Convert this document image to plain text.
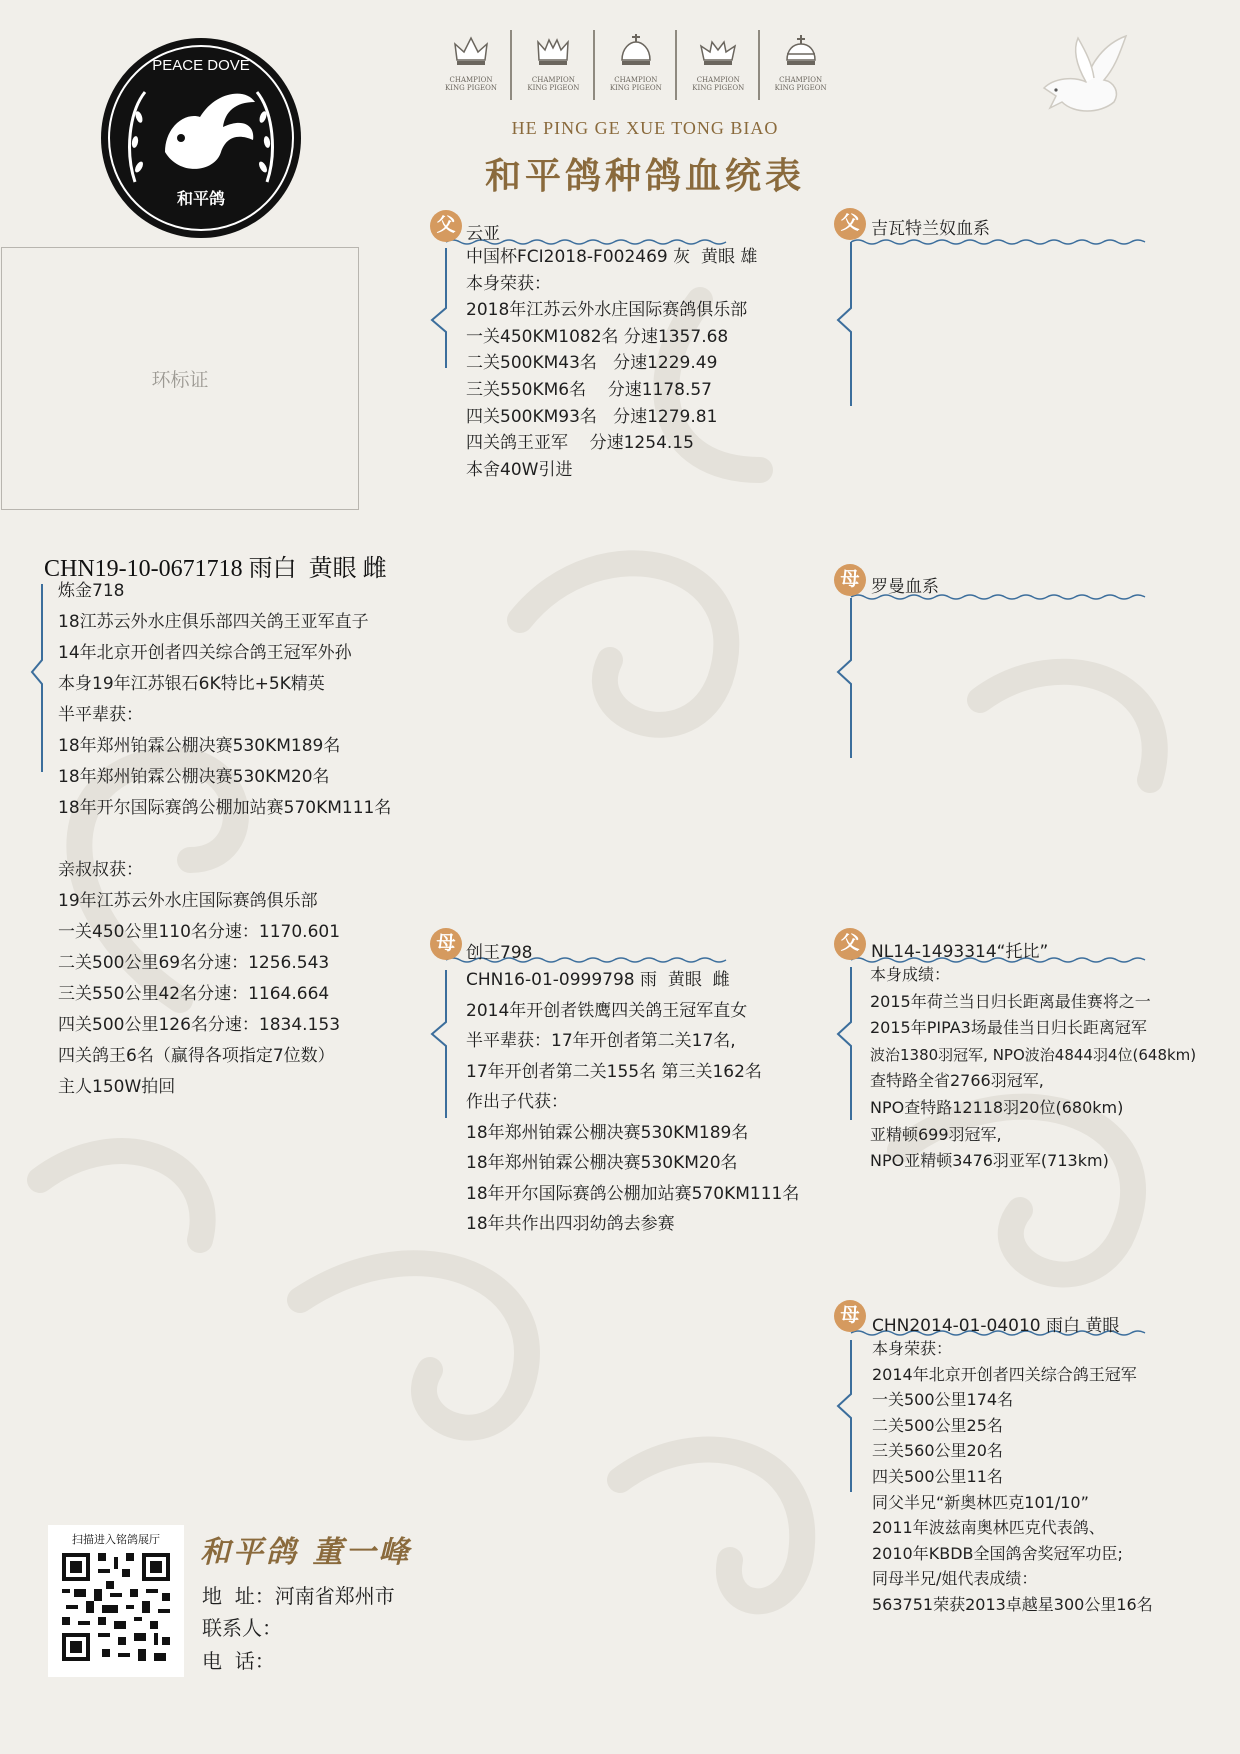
PEACE DOVE
和平鸽
CHAMPION
KING PIGEON
CHAMPION
KING PIGEON
CHAMPION
KING PIGEON
CHAMPION
KING PIGEON
CHAMPION
KING PIGEON
HE PING GE XUE TONG BIAO
和平鸽种鸽血统表
环标证
父 云亚	父 吉瓦特兰奴血系
母 罗曼血系
母 创王798	父 NL14-1493314“托比”
母 CHN2014-01-04010 雨白 黄眼
CHN19-10-0671718 雨白  黄眼 雌
炼金718
18江苏云外水庄俱乐部四关鸽王亚军直子
14年北京开创者四关综合鸽王冠军外孙
本身19年江苏银石6K特比+5K精英
半平辈获：
18年郑州铂霖公棚决赛530KM189名
18年郑州铂霖公棚决赛530KM20名
18年开尔国际赛鸽公棚加站赛570KM111名
亲叔叔获：
19年江苏云外水庄国际赛鸽俱乐部
一关450公里110名分速：1170.601
二关500公里69名分速：1256.543
三关550公里42名分速：1164.664
四关500公里126名分速：1834.153
四关鸽王6名（赢得各项指定7位数）
主人150W拍回
中国杯FCI2018-F002469 灰  黄眼 雄
本身荣获：
2018年江苏云外水庄国际赛鸽俱乐部
一关450KM1082名 分速1357.68
二关500KM43名   分速1229.49
三关550KM6名    分速1178.57
四关500KM93名   分速1279.81
四关鸽王亚军    分速1254.15
本舍40W引进
CHN16-01-0999798 雨  黄眼  雌
2014年开创者铁鹰四关鸽王冠军直女
半平辈获：17年开创者第二关17名,
17年开创者第二关155名 第三关162名
作出子代获：
18年郑州铂霖公棚决赛530KM189名
18年郑州铂霖公棚决赛530KM20名
18年开尔国际赛鸽公棚加站赛570KM111名
18年共作出四羽幼鸽去参赛
本身成绩：
2015年荷兰当日归长距离最佳赛将之一
2015年PIPA3场最佳当日归长距离冠军
波治1380羽冠军, NPO波治4844羽4位(648km)
查特路全省2766羽冠军,
NPO查特路12118羽20位(680km)
亚精顿699羽冠军,
NPO亚精顿3476羽亚军(713km)
本身荣获：
2014年北京开创者四关综合鸽王冠军
一关500公里174名
二关500公里25名
三关560公里20名
四关500公里11名
同父半兄“新奥林匹克101/10”
2011年波兹南奥林匹克代表鸽、
2010年KBDB全国鸽舍奖冠军功臣;
同母半兄/姐代表成绩：
563751荣获2013卓越星300公里16名
扫描进入铭鸽展厅	和平鸽 董一峰
地  址：河南省郑州市
联系人：
电  话：
